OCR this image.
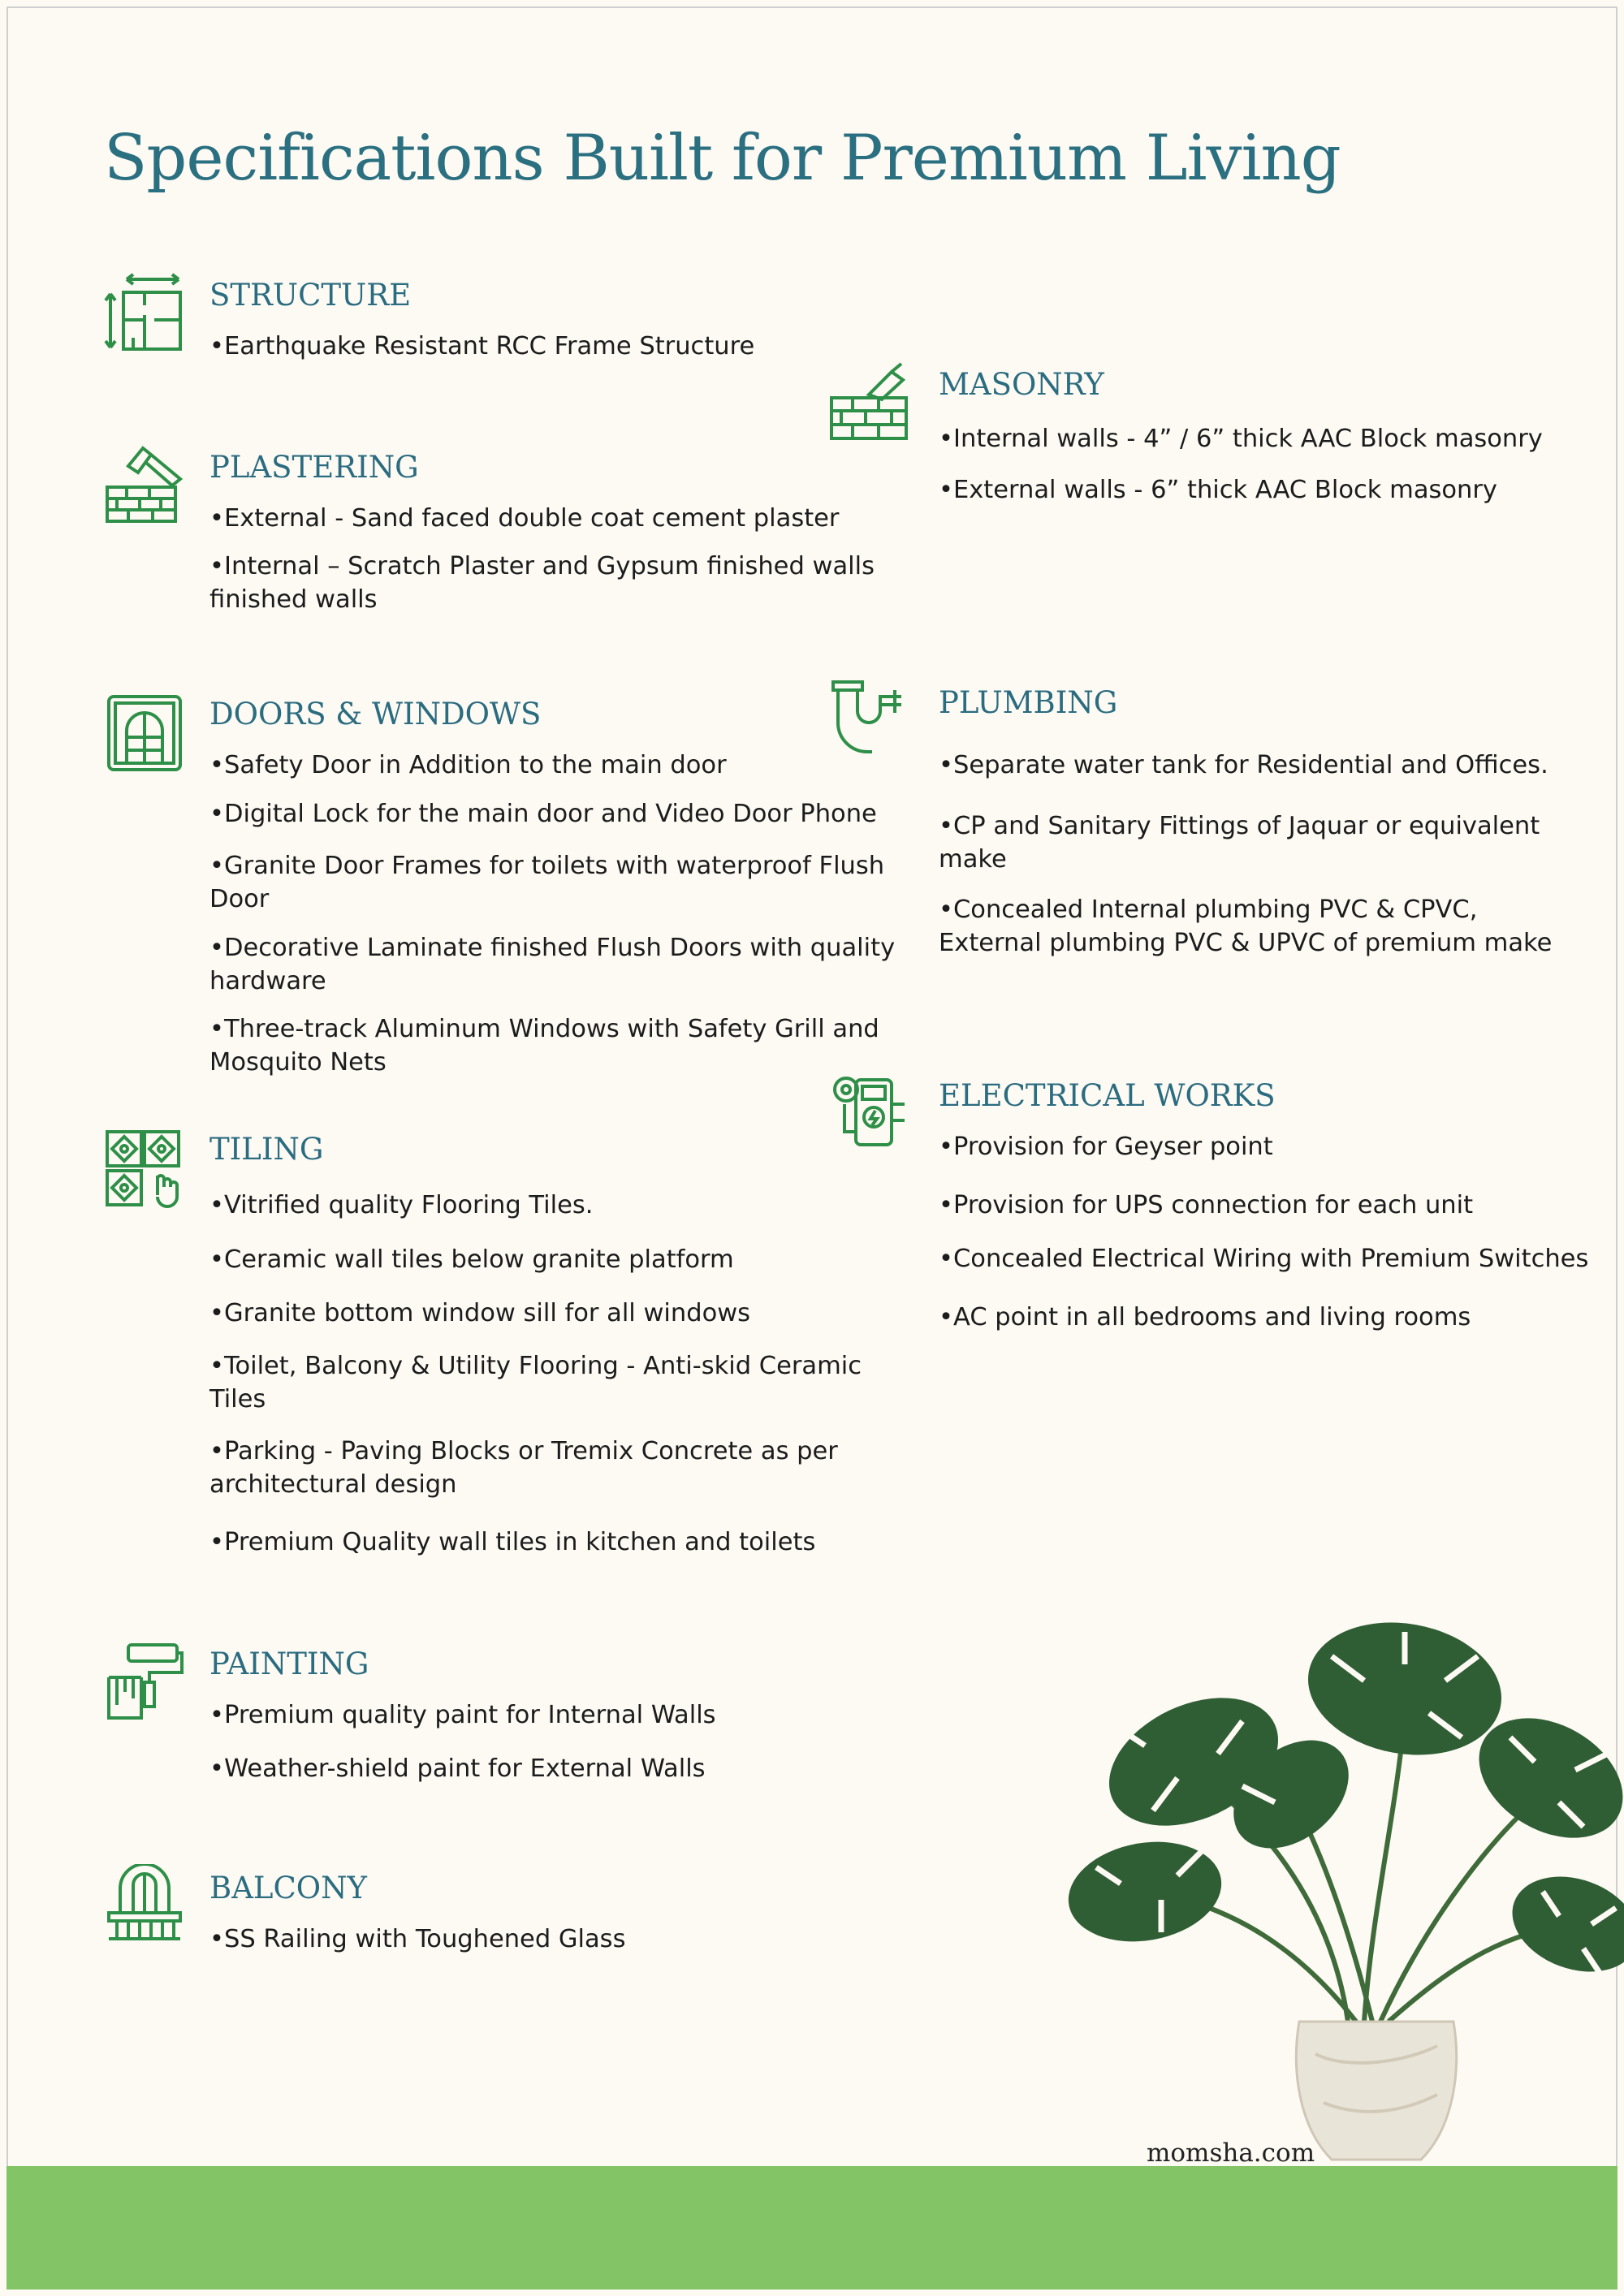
Specifications Built for Premium Living
STRUCTURE
•Earthquake Resistant RCC Frame Structure
MASONRY
•Internal walls - 4” / 6” thick AAC Block masonry
•External walls - 6” thick AAC Block masonry
PLASTERING
•External - Sand faced double coat cement plaster
•Internal – Scratch Plaster and Gypsum finished walls
finished walls
DOORS & WINDOWS
•Safety Door in Addition to the main door
•Digital Lock for the main door and Video Door Phone
•Granite Door Frames for toilets with waterproof Flush Door
•Decorative Laminate finished Flush Doors with quality
hardware
•Three-track Aluminum Windows with Safety Grill and
Mosquito Nets
PLUMBING
•Separate water tank for Residential and Offices.
•CP and Sanitary Fittings of Jaquar or equivalent
make
•Concealed Internal plumbing PVC & CPVC,
External plumbing PVC & UPVC of premium make
ELECTRICAL WORKS
•Provision for Geyser point
•Provision for UPS connection for each unit
•Concealed Electrical Wiring with Premium Switches
•AC point in all bedrooms and living rooms
TILING
•Vitrified quality Flooring Tiles.
•Ceramic wall tiles below granite platform
•Granite bottom window sill for all windows
•Toilet, Balcony & Utility Flooring - Anti-skid Ceramic
Tiles
•Parking - Paving Blocks or Tremix Concrete as per
architectural design
•Premium Quality wall tiles in kitchen and toilets
PAINTING
•Premium quality paint for Internal Walls
•Weather-shield paint for External Walls
BALCONY
•SS Railing with Toughened Glass
momsha.com
